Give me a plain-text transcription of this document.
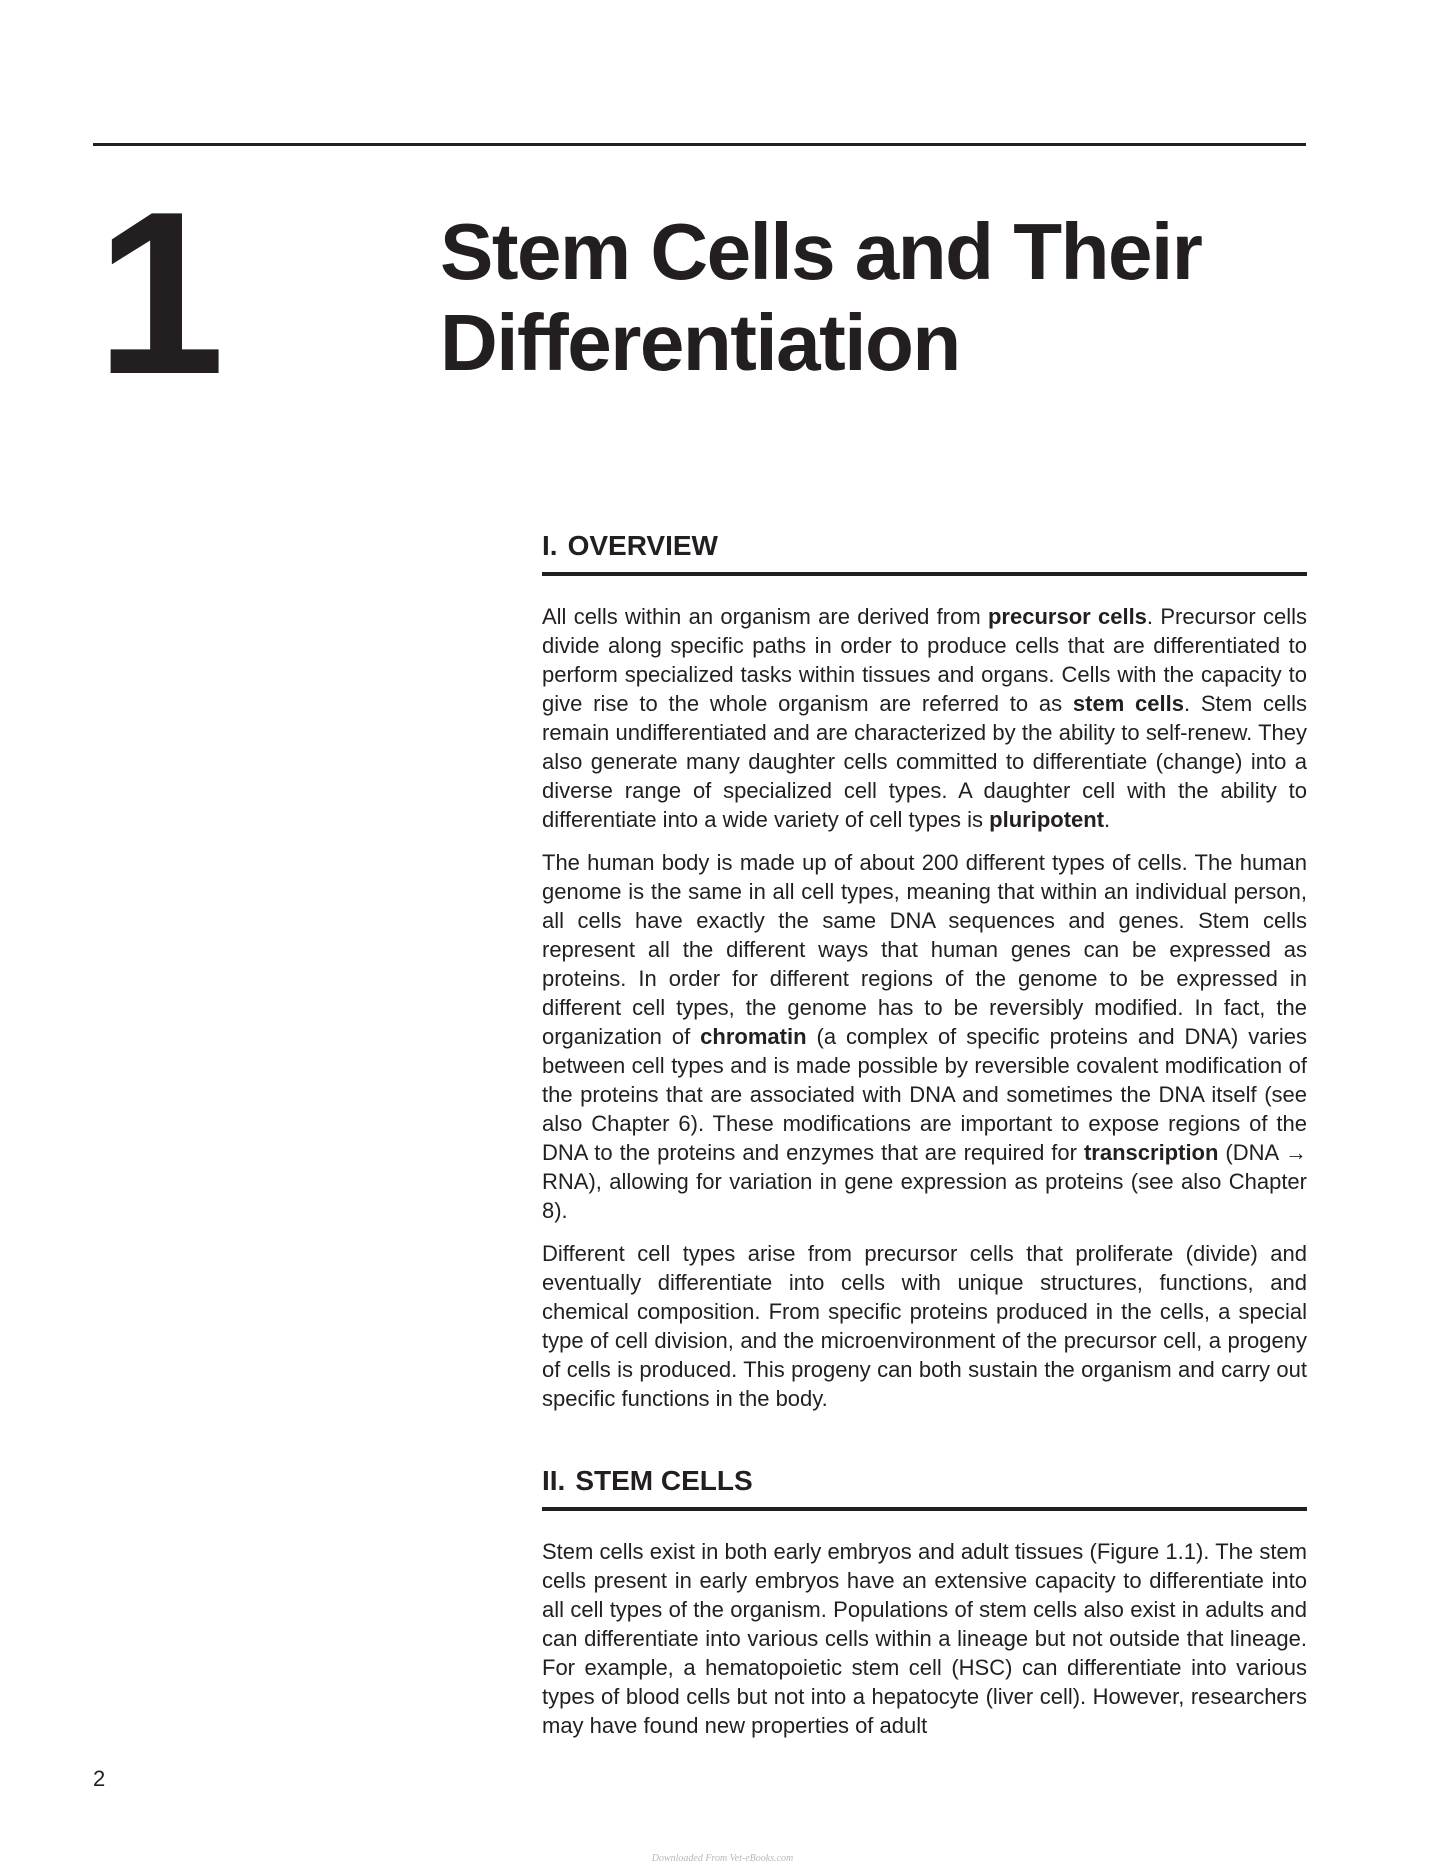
1	Stem Cells and Their
Differentiation
I. OVERVIEW

All cells within an organism are derived from precursor cells. Precursor cells divide along specific paths in order to produce cells that are differentiated to perform specialized tasks within tissues and organs. Cells with the capacity to give rise to the whole organism are referred to as stem cells. Stem cells remain undifferentiated and are characterized by the ability to self-renew. They also generate many daughter cells committed to differentiate (change) into a diverse range of specialized cell types. A daughter cell with the ability to differentiate into a wide variety of cell types is pluripotent.

The human body is made up of about 200 different types of cells. The human genome is the same in all cell types, meaning that within an individual person, all cells have exactly the same DNA sequences and genes. Stem cells represent all the different ways that human genes can be expressed as proteins. In order for different regions of the genome to be expressed in different cell types, the genome has to be reversibly modified. In fact, the organization of chromatin (a complex of specific proteins and DNA) varies between cell types and is made possible by reversible covalent modification of the proteins that are associated with DNA and sometimes the DNA itself (see also Chapter 6). These modifications are important to expose regions of the DNA to the proteins and enzymes that are required for transcription (DNA → RNA), allowing for variation in gene expression as proteins (see also Chapter 8).

Different cell types arise from precursor cells that proliferate (divide) and eventually differentiate into cells with unique structures, functions, and chemical composition. From specific proteins produced in the cells, a special type of cell division, and the microenvironment of the precursor cell, a progeny of cells is produced. This progeny can both sustain the organism and carry out specific functions in the body.

II. STEM CELLS

Stem cells exist in both early embryos and adult tissues (Figure 1.1). The stem cells present in early embryos have an extensive capacity to differentiate into all cell types of the organism. Populations of stem cells also exist in adults and can differentiate into various cells within a lineage but not outside that lineage. For example, a hematopoietic stem cell (HSC) can differentiate into various types of blood cells but not into a hepatocyte (liver cell). However, researchers may have found new properties of adult

2
Downloaded From Vet-eBooks.com
